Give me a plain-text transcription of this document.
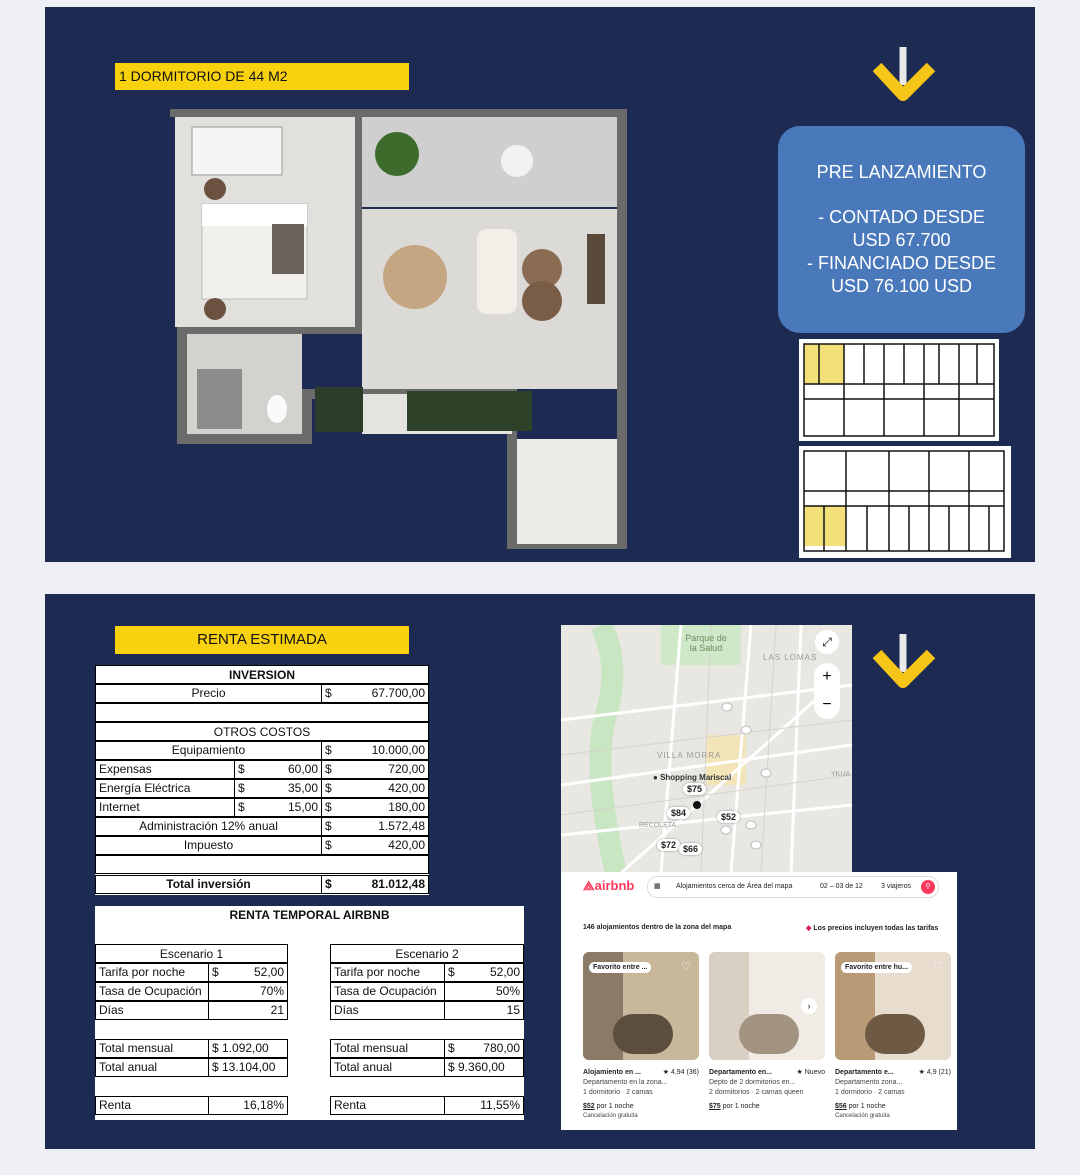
1 DORMITORIO DE 44 M2
PRE LANZAMIENTO
- CONTADO DESDE
USD 67.700
- FINANCIADO DESDE
USD 76.100 USD
RENTA ESTIMADA
INVERSION
Precio	$	67.700,00
OTROS COSTOS
Equipamiento	$	10.000,00
Expensas	$	60,00 $	720,00
Energía Eléctrica	$	35,00 $	420,00
Internet	$	15,00 $	180,00
Administración 12% anual	$	1.572,48
Impuesto	$	420,00
Total inversión	$	81.012,48
RENTA TEMPORAL AIRBNB
Escenario 1
Tarifa por noche	$	52,00
Tasa de Ocupación	70%
Días	21
Total mensual	$ 1.092,00
Total anual	$ 13.104,00
Renta	16,18%
Escenario 2
Tarifa por noche	$	52,00
Tasa de Ocupación	50%
Días	15
Total mensual	$	780,00
Total anual	$ 9.360,00
Renta	11,55%
Parque de la Salud
LAS LOMAS
VILLA MORRA
RECOLETA
YKUA
● Shopping Mariscal
$75
$84	$52
$72 $66
⤢
+
−
⟁airbnb	▦ Alojamientos cerca de Área del mapa	02 – 03 de 12	3 viajeros	⚲
146 alojamientos dentro de la zona del mapa	◆ Los precios incluyen todas las tarifas
♡
Favorito entre ...
Alojamiento en ...	★ 4,94 (36)
Departamento en la zona...
1 dormitorio · 2 camas
$52 por 1 noche
Cancelación gratuita
♡
Departamento en...	★ Nuevo
Depto de 2 dormitorios en...
2 dormitorios · 2 camas queen
$75 por 1 noche
♡
Favorito entre hu...
Departamento e...	★ 4,9 (21)
Departamento zona...
1 dormitorio · 2 camas
$56 por 1 noche
Cancelación gratuita
›
